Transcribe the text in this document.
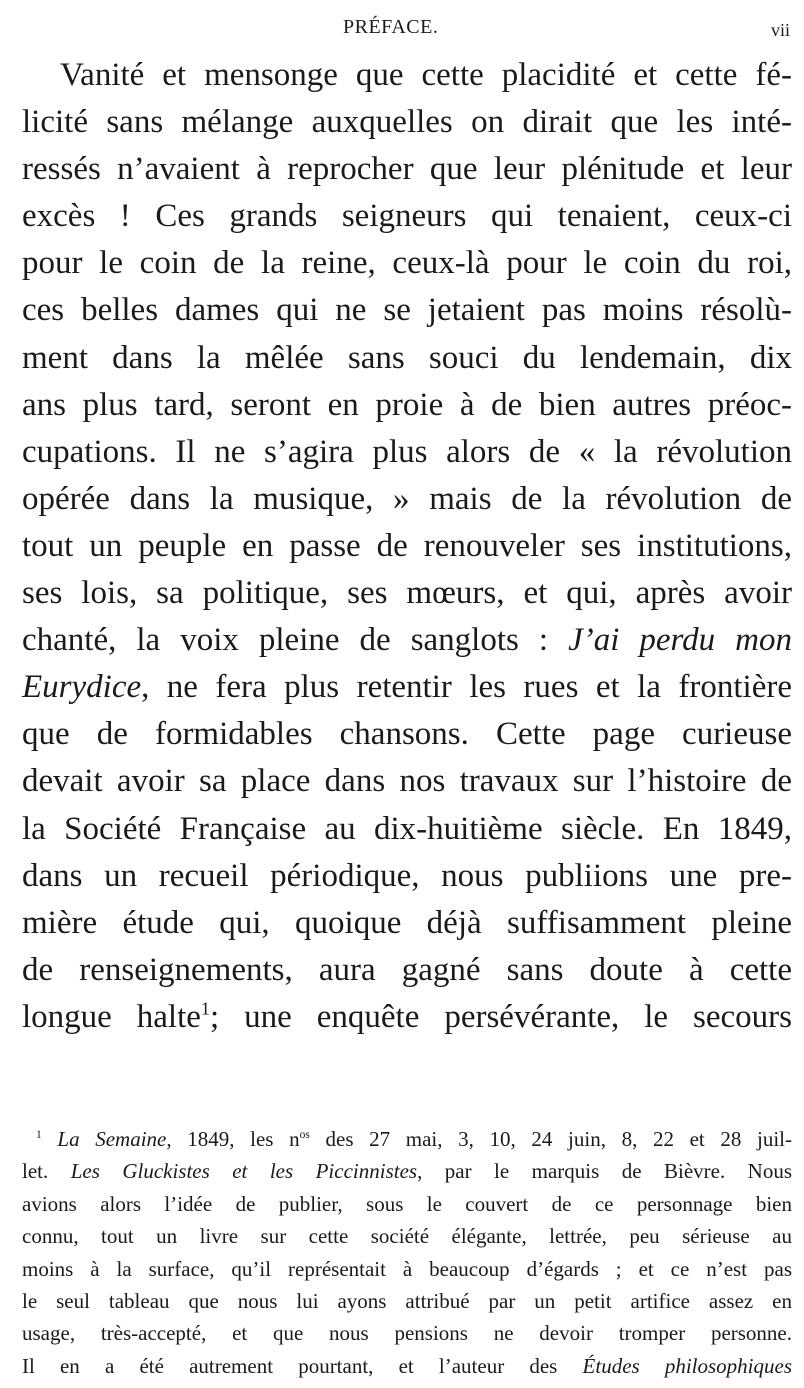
PRÉFACE.	vii
Vanité et mensonge que cette placidité et cette fé-
licité sans mélange auxquelles on dirait que les inté-
ressés n’avaient à reprocher que leur plénitude et leur
excès ! Ces grands seigneurs qui tenaient, ceux-ci
pour le coin de la reine, ceux-là pour le coin du roi,
ces belles dames qui ne se jetaient pas moins résolù-
ment dans la mêlée sans souci du lendemain, dix
ans plus tard, seront en proie à de bien autres préoc-
cupations. Il ne s’agira plus alors de « la révolution
opérée dans la musique, » mais de la révolution de
tout un peuple en passe de renouveler ses institutions,
ses lois, sa politique, ses mœurs, et qui, après avoir
chanté, la voix pleine de sanglots : J’ai perdu mon
Eurydice, ne fera plus retentir les rues et la frontière
que de formidables chansons. Cette page curieuse
devait avoir sa place dans nos travaux sur l’histoire de
la Société Française au dix-huitième siècle. En 1849,
dans un recueil périodique, nous publiions une pre-
mière étude qui, quoique déjà suffisamment pleine
de renseignements, aura gagné sans doute à cette
longue halte$^1$; une enquête persévérante, le secours
$^1$ La Semaine, 1849, les $n^{os}$ des 27 mai, 3, 10, 24 juin, 8, 22 et 28 juil-
let. Les Gluckistes et les Piccinnistes, par le marquis de Bièvre. Nous
avions alors l’idée de publier, sous le couvert de ce personnage bien
connu, tout un livre sur cette société élégante, lettrée, peu sérieuse au
moins à la surface, qu’il représentait à beaucoup d’égards ; et ce n’est pas
le seul tableau que nous lui ayons attribué par un petit artifice assez en
usage, très-accepté, et que nous pensions ne devoir tromper personne.
Il en a été autrement pourtant, et l’auteur des Études philosophiques
